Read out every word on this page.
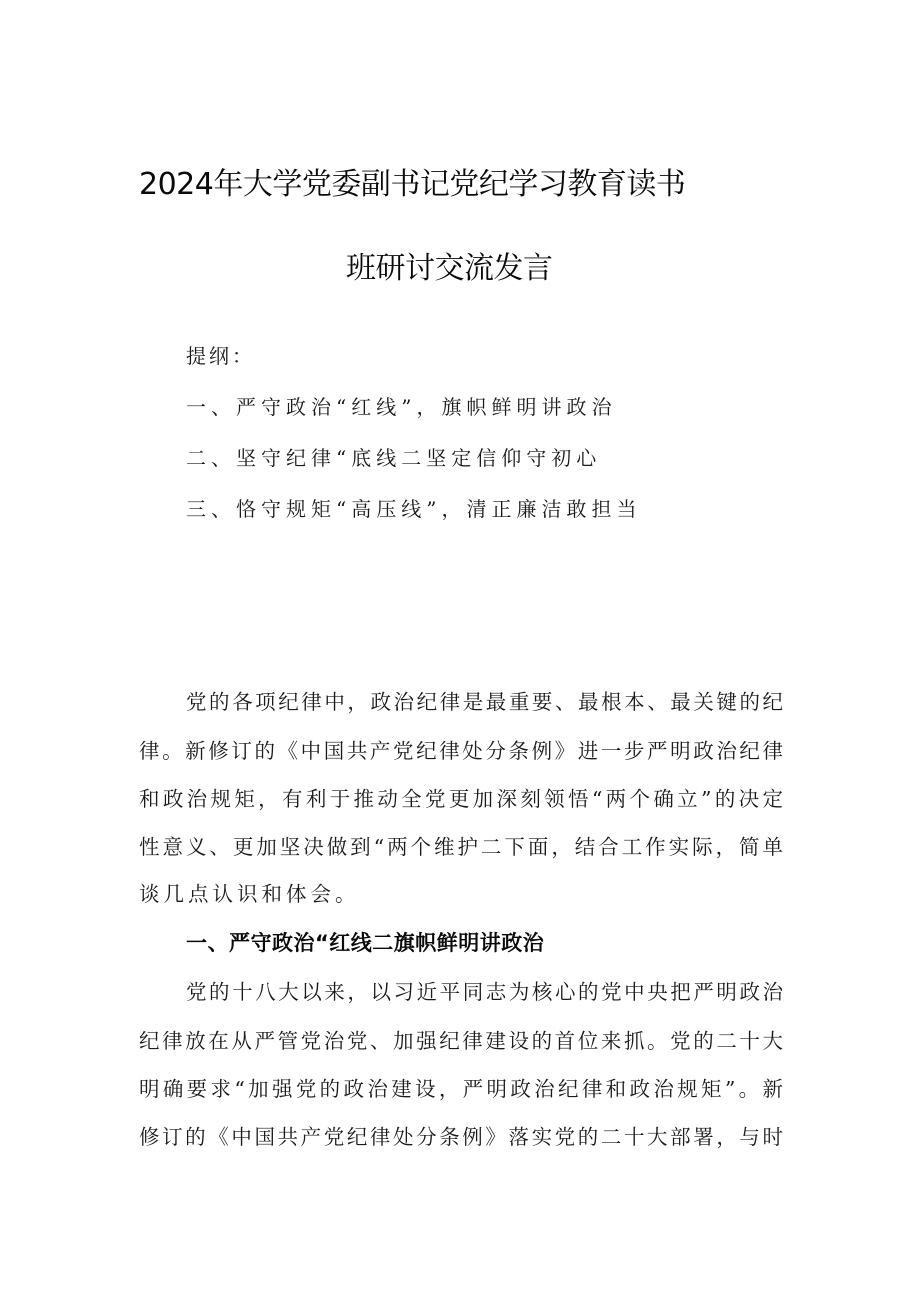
2024年大学党委副书记党纪学习教育读书
班研讨交流发言
提纲：
一、严守政治“红线”，旗帜鲜明讲政治
二、坚守纪律“底线二坚定信仰守初心
三、恪守规矩“高压线”，清正廉洁敢担当
党的各项纪律中，政治纪律是最重要、最根本、最关键的纪
律。新修订的《中国共产党纪律处分条例》进一步严明政治纪律
和政治规矩，有利于推动全党更加深刻领悟“两个确立”的决定
性意义、更加坚决做到“两个维护二下面，结合工作实际，简单
谈几点认识和体会。
一、严守政治“红线二旗帜鲜明讲政治
党的十八大以来，以习近平同志为核心的党中央把严明政治
纪律放在从严管党治党、加强纪律建设的首位来抓。党的二十大
明确要求“加强党的政治建设，严明政治纪律和政治规矩”。新
修订的《中国共产党纪律处分条例》落实党的二十大部署，与时
